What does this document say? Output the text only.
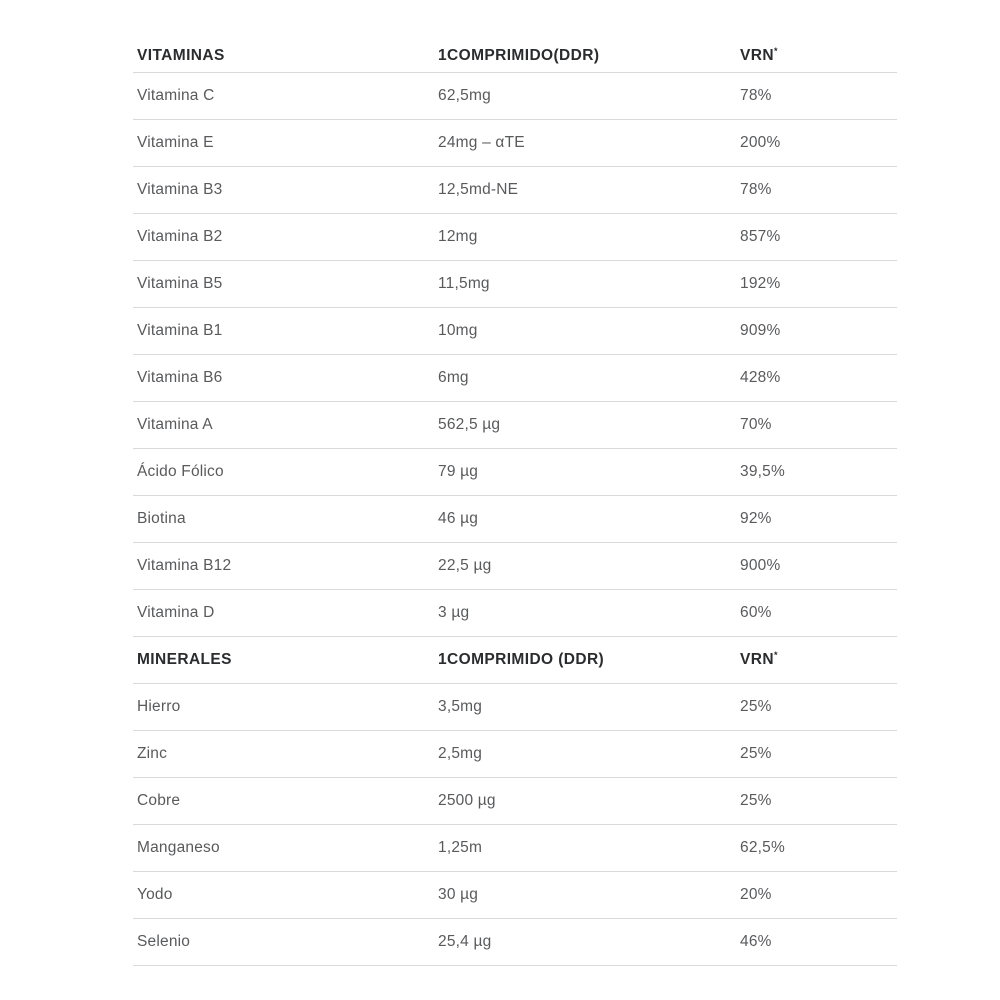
VITAMINAS	1COMPRIMIDO(DDR)	VRN*
Vitamina C	62,5mg	78%
Vitamina E	24mg – αTE	200%
Vitamina B3	12,5md-NE	78%
Vitamina B2	12mg	857%
Vitamina B5	11,5mg	192%
Vitamina B1	10mg	909%
Vitamina B6	6mg	428%
Vitamina A	562,5 µg	70%
Ácido Fólico	79 µg	39,5%
Biotina	46 µg	92%
Vitamina B12	22,5 µg	900%
Vitamina D	3 µg	60%
MINERALES	1COMPRIMIDO (DDR)	VRN*
Hierro	3,5mg	25%
Zinc	2,5mg	25%
Cobre	2500 µg	25%
Manganeso	1,25m	62,5%
Yodo	30 µg	20%
Selenio	25,4 µg	46%
